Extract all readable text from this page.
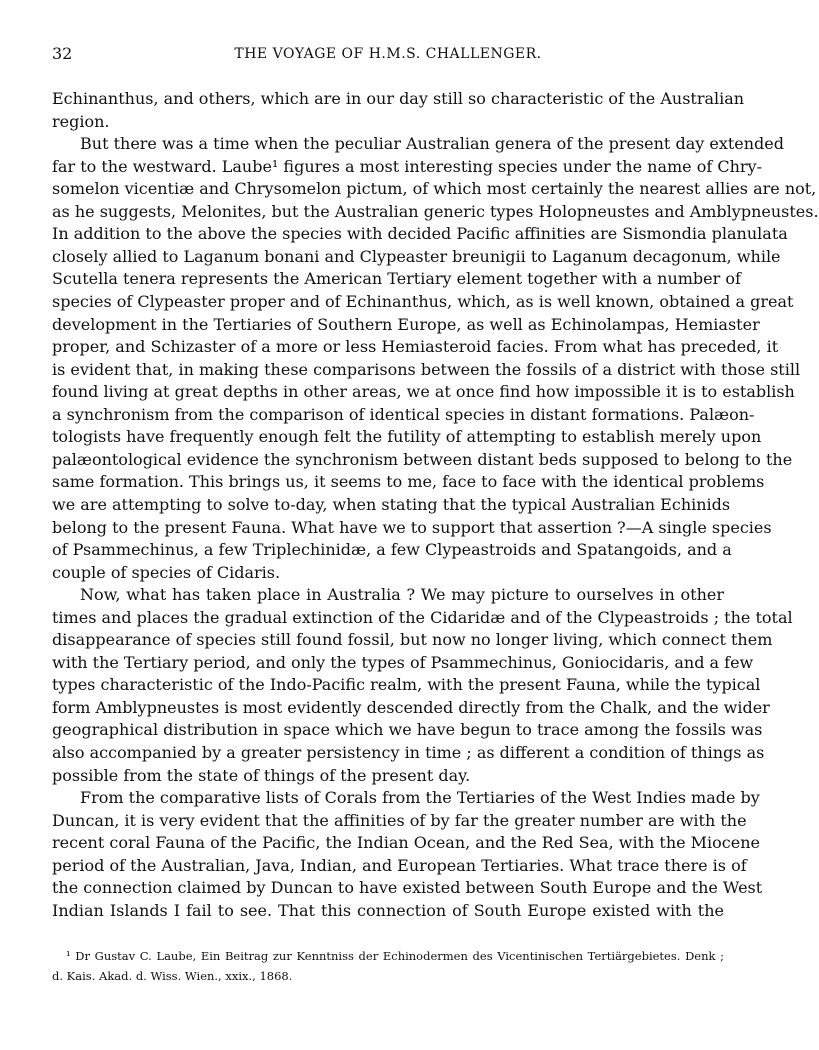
32	THE VOYAGE OF H.M.S. CHALLENGER.
Echinanthus, and others, which are in our day still so characteristic of the Australian
region.
But there was a time when the peculiar Australian genera of the present day extended
far to the westward. Laube¹ figures a most interesting species under the name of Chry-
somelon vicentiæ and Chrysomelon pictum, of which most certainly the nearest allies are not,
as he suggests, Melonites, but the Australian generic types Holopneustes and Amblypneustes.
In addition to the above the species with decided Pacific affinities are Sismondia planulata
closely allied to Laganum bonani and Clypeaster breunigii to Laganum decagonum, while
Scutella tenera represents the American Tertiary element together with a number of
species of Clypeaster proper and of Echinanthus, which, as is well known, obtained a great
development in the Tertiaries of Southern Europe, as well as Echinolampas, Hemiaster
proper, and Schizaster of a more or less Hemiasteroid facies. From what has preceded, it
is evident that, in making these comparisons between the fossils of a district with those still
found living at great depths in other areas, we at once find how impossible it is to establish
a synchronism from the comparison of identical species in distant formations. Palæon-
tologists have frequently enough felt the futility of attempting to establish merely upon
palæontological evidence the synchronism between distant beds supposed to belong to the
same formation. This brings us, it seems to me, face to face with the identical problems
we are attempting to solve to-day, when stating that the typical Australian Echinids
belong to the present Fauna. What have we to support that assertion ?—A single species
of Psammechinus, a few Triplechinidæ, a few Clypeastroids and Spatangoids, and a
couple of species of Cidaris.
Now, what has taken place in Australia ? We may picture to ourselves in other
times and places the gradual extinction of the Cidaridæ and of the Clypeastroids ; the total
disappearance of species still found fossil, but now no longer living, which connect them
with the Tertiary period, and only the types of Psammechinus, Goniocidaris, and a few
types characteristic of the Indo-Pacific realm, with the present Fauna, while the typical
form Amblypneustes is most evidently descended directly from the Chalk, and the wider
geographical distribution in space which we have begun to trace among the fossils was
also accompanied by a greater persistency in time ; as different a condition of things as
possible from the state of things of the present day.
From the comparative lists of Corals from the Tertiaries of the West Indies made by
Duncan, it is very evident that the affinities of by far the greater number are with the
recent coral Fauna of the Pacific, the Indian Ocean, and the Red Sea, with the Miocene
period of the Australian, Java, Indian, and European Tertiaries. What trace there is of
the connection claimed by Duncan to have existed between South Europe and the West
Indian Islands I fail to see. That this connection of South Europe existed with the
¹ Dr Gustav C. Laube, Ein Beitrag zur Kenntniss der Echinodermen des Vicentinischen Tertiärgebietes. Denk ;
d. Kais. Akad. d. Wiss. Wien., xxix., 1868.
